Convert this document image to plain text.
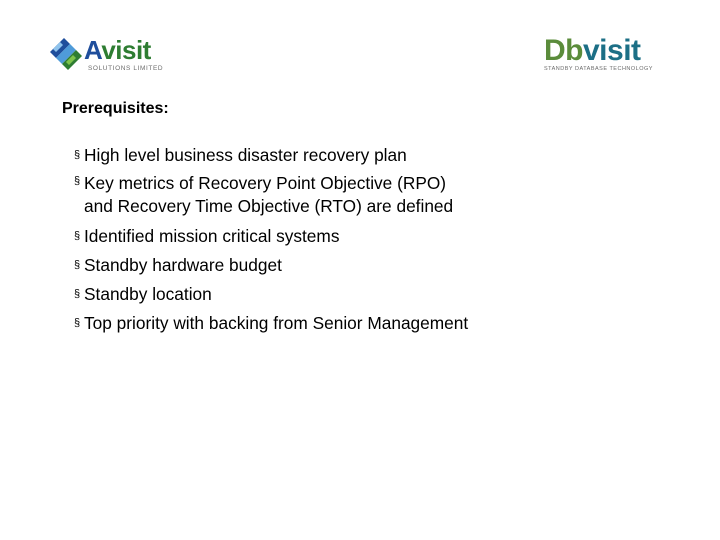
Avisit
SOLUTIONS LIMITED
Dbvisit
STANDBY DATABASE TECHNOLOGY
Prerequisites:
§ High level business disaster recovery plan
§ Key metrics of Recovery Point Objective (RPO)
and Recovery Time Objective (RTO) are defined
§ Identified mission critical systems
§ Standby hardware budget
§ Standby location
§ Top priority with backing from Senior Management
